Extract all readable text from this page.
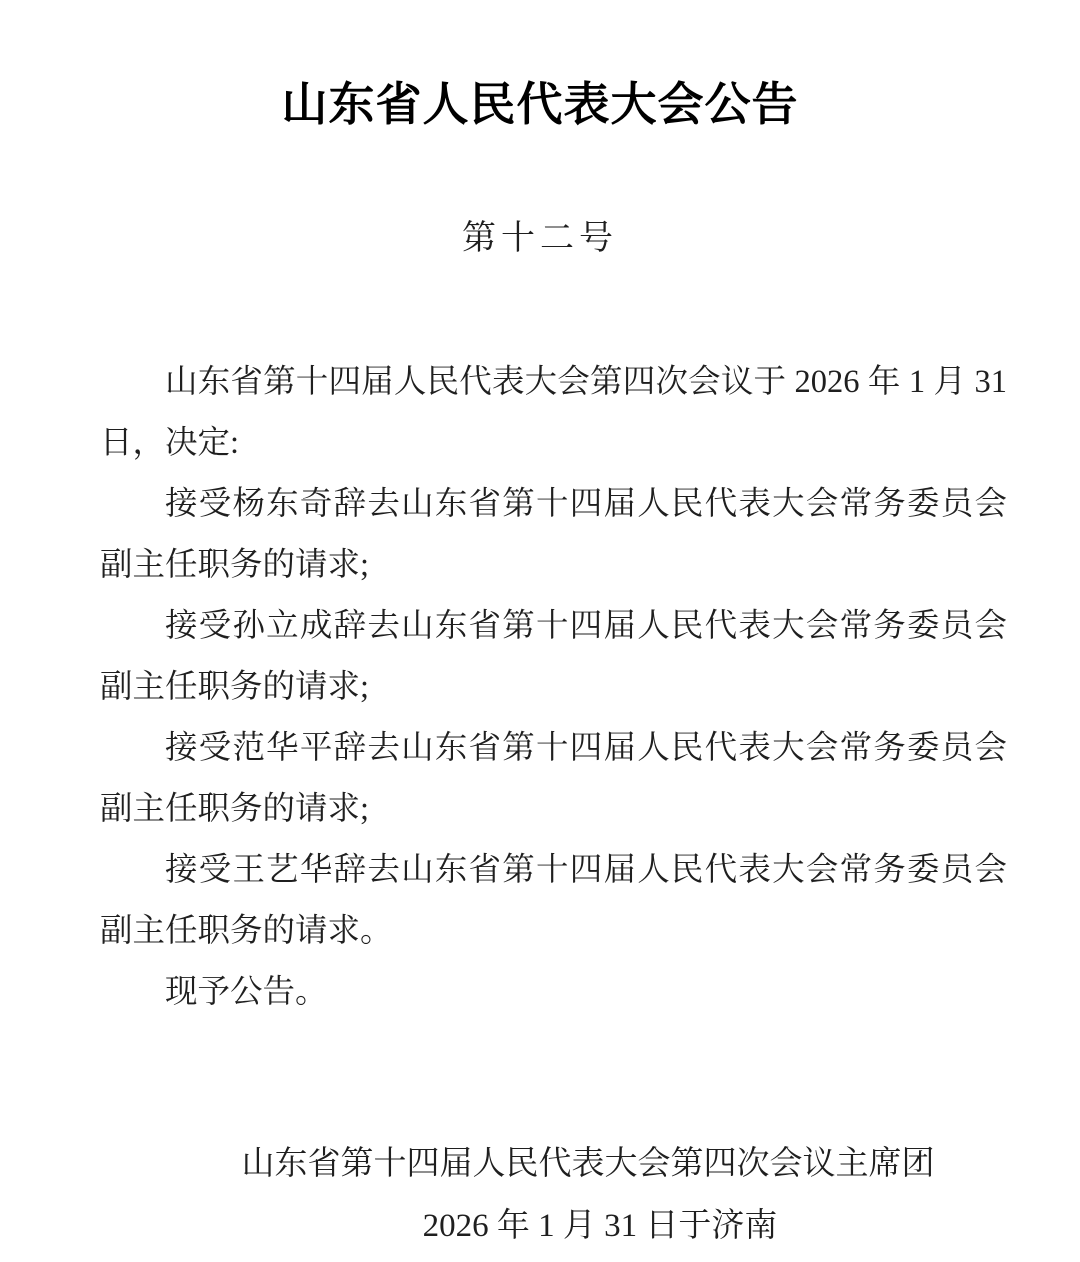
山东省人民代表大会公告
第十二号

山东省第十四届人民代表大会第四次会议于 2026 年 1 月 31 日，决定:

接受杨东奇辞去山东省第十四届人民代表大会常务委员会副主任职务的请求;

接受孙立成辞去山东省第十四届人民代表大会常务委员会副主任职务的请求;

接受范华平辞去山东省第十四届人民代表大会常务委员会副主任职务的请求;

接受王艺华辞去山东省第十四届人民代表大会常务委员会副主任职务的请求。

现予公告。

山东省第十四届人民代表大会第四次会议主席团
2026 年 1 月 31 日于济南
